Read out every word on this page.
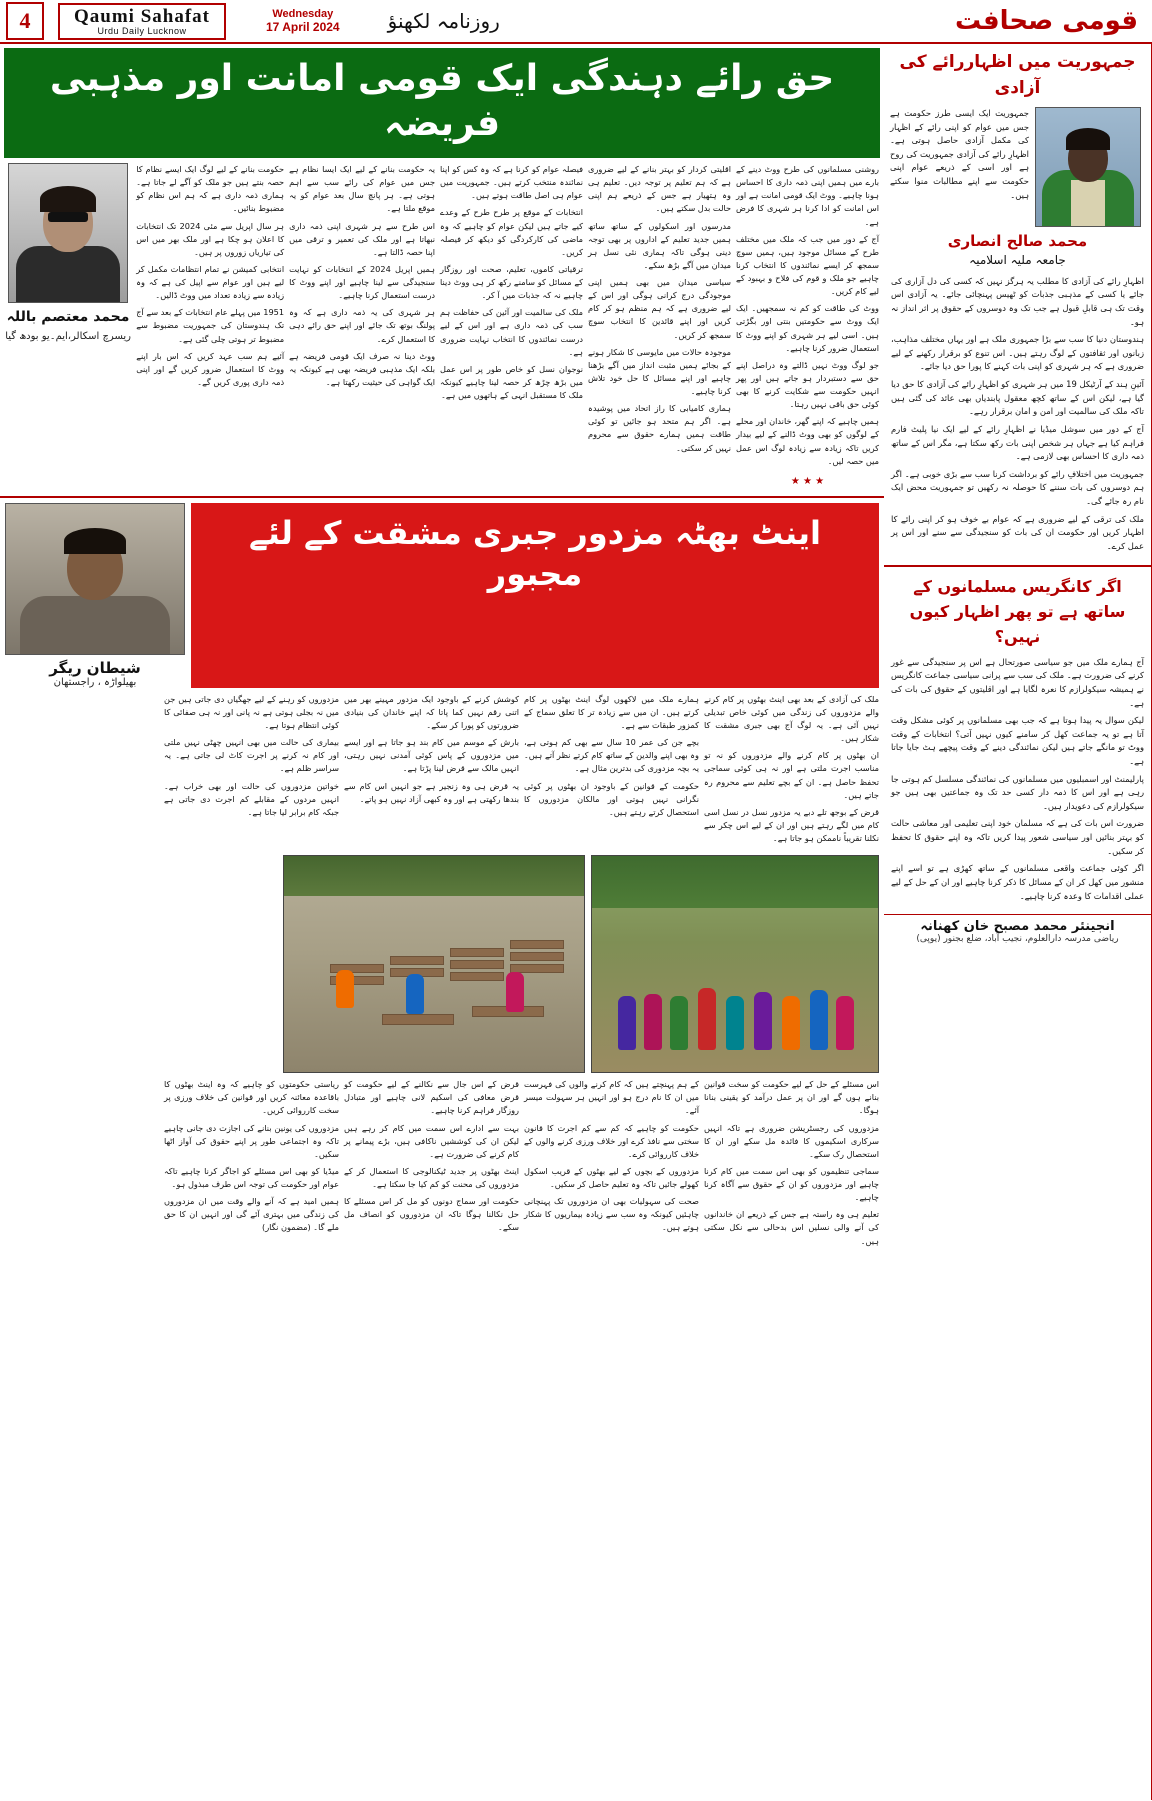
4	Qaumi Sahafat
Urdu Daily Lucknow
Wednesday
17 April 2024 روزنامہ لکھنؤ	قومی صحافت
جمہوریت میں اظہاررائے کی آزادی

جمہوریت ایک ایسی طرز حکومت ہے جس میں عوام کو اپنی رائے کے اظہار کی مکمل آزادی حاصل ہوتی ہے۔ اظہارِ رائے کی آزادی جمہوریت کی روح ہے اور اسی کے ذریعے عوام اپنی حکومت سے اپنے مطالبات منوا سکتے ہیں۔

محمد صالح انصاری
جامعہ ملیہ اسلامیہ

اظہارِ رائے کی آزادی کا مطلب یہ ہرگز نہیں کہ کسی کی دل آزاری کی جائے یا کسی کے مذہبی جذبات کو ٹھیس پہنچائی جائے۔ یہ آزادی اس وقت تک ہی قابلِ قبول ہے جب تک وہ دوسروں کے حقوق پر اثر انداز نہ ہو۔

ہندوستان دنیا کا سب سے بڑا جمہوری ملک ہے اور یہاں مختلف مذاہب، زبانوں اور ثقافتوں کے لوگ رہتے ہیں۔ اس تنوع کو برقرار رکھنے کے لیے ضروری ہے کہ ہر شہری کو اپنی بات کہنے کا پورا حق دیا جائے۔

آئینِ ہند کے آرٹیکل 19 میں ہر شہری کو اظہارِ رائے کی آزادی کا حق دیا گیا ہے، لیکن اس کے ساتھ کچھ معقول پابندیاں بھی عائد کی گئی ہیں تاکہ ملک کی سالمیت اور امن و امان برقرار رہے۔

آج کے دور میں سوشل میڈیا نے اظہارِ رائے کے لیے ایک نیا پلیٹ فارم فراہم کیا ہے جہاں ہر شخص اپنی بات رکھ سکتا ہے، مگر اس کے ساتھ ذمہ داری کا احساس بھی لازمی ہے۔

جمہوریت میں اختلافِ رائے کو برداشت کرنا سب سے بڑی خوبی ہے۔ اگر ہم دوسروں کی بات سننے کا حوصلہ نہ رکھیں تو جمہوریت محض ایک نام رہ جائے گی۔

ملک کی ترقی کے لیے ضروری ہے کہ عوام بے خوف ہو کر اپنی رائے کا اظہار کریں اور حکومت ان کی بات کو سنجیدگی سے سنے اور اس پر عمل کرے۔

اگر کانگریس مسلمانوں کے ساتھ ہے تو پھر اظہار کیوں نہیں؟

آج ہمارے ملک میں جو سیاسی صورتحال ہے اس پر سنجیدگی سے غور کرنے کی ضرورت ہے۔ ملک کی سب سے پرانی سیاسی جماعت کانگریس نے ہمیشہ سیکولرازم کا نعرہ لگایا ہے اور اقلیتوں کے حقوق کی بات کی ہے۔

لیکن سوال یہ پیدا ہوتا ہے کہ جب بھی مسلمانوں پر کوئی مشکل وقت آتا ہے تو یہ جماعت کھل کر سامنے کیوں نہیں آتی؟ انتخابات کے وقت ووٹ تو مانگے جاتے ہیں لیکن نمائندگی دینے کے وقت پیچھے ہٹ جایا جاتا ہے۔

پارلیمنٹ اور اسمبلیوں میں مسلمانوں کی نمائندگی مسلسل کم ہوتی جا رہی ہے اور اس کا ذمہ دار کسی حد تک وہ جماعتیں بھی ہیں جو سیکولرازم کی دعویدار ہیں۔

ضرورت اس بات کی ہے کہ مسلمان خود اپنی تعلیمی اور معاشی حالت کو بہتر بنائیں اور سیاسی شعور پیدا کریں تاکہ وہ اپنے حقوق کا تحفظ کر سکیں۔

اگر کوئی جماعت واقعی مسلمانوں کے ساتھ کھڑی ہے تو اسے اپنے منشور میں کھل کر ان کے مسائل کا ذکر کرنا چاہیے اور ان کے حل کے لیے عملی اقدامات کا وعدہ کرنا چاہیے۔

انجینئر محمد مصبح خان کھنانہ
ریاضی مدرسہ دارالعلوم، نجیب آباد، ضلع بجنور (یوپی)
حق رائے دہندگی ایک قومی امانت اور مذہبی فریضہ

روشنی مسلمانوں کی طرح ووٹ دینے کے بارے میں ہمیں اپنی ذمہ داری کا احساس ہونا چاہیے۔ ووٹ ایک قومی امانت ہے اور اس امانت کو ادا کرنا ہر شہری کا فرض ہے۔

آج کے دور میں جب کہ ملک میں مختلف طرح کے مسائل موجود ہیں، ہمیں سوچ سمجھ کر ایسے نمائندوں کا انتخاب کرنا چاہیے جو ملک و قوم کی فلاح و بہبود کے لیے کام کریں۔

ووٹ کی طاقت کو کم نہ سمجھیں۔ ایک ایک ووٹ سے حکومتیں بنتی اور بگڑتی ہیں۔ اسی لیے ہر شہری کو اپنے ووٹ کا استعمال ضرور کرنا چاہیے۔

جو لوگ ووٹ نہیں ڈالتے وہ دراصل اپنے حق سے دستبردار ہو جاتے ہیں اور پھر انہیں حکومت سے شکایت کرنے کا بھی کوئی حق باقی نہیں رہتا۔

ہمیں چاہیے کہ اپنے گھر، خاندان اور محلے کے لوگوں کو بھی ووٹ ڈالنے کے لیے بیدار کریں تاکہ زیادہ سے زیادہ لوگ اس عمل میں حصہ لیں۔

★ ★ ★

اقلیتی کردار کو بہتر بنانے کے لیے ضروری ہے کہ ہم تعلیم پر توجہ دیں۔ تعلیم ہی وہ ہتھیار ہے جس کے ذریعے ہم اپنی حالت بدل سکتے ہیں۔

مدرسوں اور اسکولوں کے ساتھ ساتھ ہمیں جدید تعلیم کے اداروں پر بھی توجہ دینی ہوگی تاکہ ہماری نئی نسل ہر میدان میں آگے بڑھ سکے۔

سیاسی میدان میں بھی ہمیں اپنی موجودگی درج کرانی ہوگی اور اس کے لیے ضروری ہے کہ ہم منظم ہو کر کام کریں اور اپنے قائدین کا انتخاب سوچ سمجھ کر کریں۔

موجودہ حالات میں مایوسی کا شکار ہونے کے بجائے ہمیں مثبت انداز میں آگے بڑھنا چاہیے اور اپنے مسائل کا حل خود تلاش کرنا چاہیے۔

ہماری کامیابی کا راز اتحاد میں پوشیدہ ہے۔ اگر ہم متحد ہو جائیں تو کوئی طاقت ہمیں ہمارے حقوق سے محروم نہیں کر سکتی۔

فیصلہ عوام کو کرنا ہے کہ وہ کس کو اپنا نمائندہ منتخب کرتے ہیں۔ جمہوریت میں عوام ہی اصل طاقت ہوتے ہیں۔

انتخابات کے موقع پر طرح طرح کے وعدے کیے جاتے ہیں لیکن عوام کو چاہیے کہ وہ ماضی کی کارکردگی کو دیکھ کر فیصلہ کریں۔

ترقیاتی کاموں، تعلیم، صحت اور روزگار کے مسائل کو سامنے رکھ کر ہی ووٹ دینا چاہیے نہ کہ جذبات میں آ کر۔

ملک کی سالمیت اور آئین کی حفاظت ہم سب کی ذمہ داری ہے اور اس کے لیے درست نمائندوں کا انتخاب نہایت ضروری ہے۔

نوجوان نسل کو خاص طور پر اس عمل میں بڑھ چڑھ کر حصہ لینا چاہیے کیونکہ ملک کا مستقبل انہی کے ہاتھوں میں ہے۔

یہ حکومت بنانے کے لیے ایک ایسا نظام ہے جس میں عوام کی رائے سب سے اہم ہوتی ہے۔ ہر پانچ سال بعد عوام کو یہ موقع ملتا ہے۔

اس طرح سے ہر شہری اپنی ذمہ داری نبھاتا ہے اور ملک کی تعمیر و ترقی میں اپنا حصہ ڈالتا ہے۔

ہمیں اپریل 2024 کے انتخابات کو نہایت سنجیدگی سے لینا چاہیے اور اپنے ووٹ کا درست استعمال کرنا چاہیے۔

ہر شہری کی یہ ذمہ داری ہے کہ وہ پولنگ بوتھ تک جائے اور اپنے حق رائے دہی کا استعمال کرے۔

ووٹ دینا نہ صرف ایک قومی فریضہ ہے بلکہ ایک مذہبی فریضہ بھی ہے کیونکہ یہ ایک گواہی کی حیثیت رکھتا ہے۔

حکومت بنانے کے لیے لوگ ایک ایسے نظام کا حصہ بنتے ہیں جو ملک کو آگے لے جاتا ہے۔ ہماری ذمہ داری ہے کہ ہم اس نظام کو مضبوط بنائیں۔

ہر سال اپریل سے مئی 2024 تک انتخابات کا اعلان ہو چکا ہے اور ملک بھر میں اس کی تیاریاں زوروں پر ہیں۔

انتخابی کمیشن نے تمام انتظامات مکمل کر لیے ہیں اور عوام سے اپیل کی ہے کہ وہ زیادہ سے زیادہ تعداد میں ووٹ ڈالیں۔

1951 میں پہلے عام انتخابات کے بعد سے آج تک ہندوستان کی جمہوریت مضبوط سے مضبوط تر ہوتی چلی گئی ہے۔

آئیے ہم سب عہد کریں کہ اس بار اپنے ووٹ کا استعمال ضرور کریں گے اور اپنی ذمہ داری پوری کریں گے۔

محمد معتصم باللہ
ریسرچ اسکالر،ایم۔یو بودھ گیا
اینٹ بھٹہ مزدور جبری مشقت کے لئے مجبور
شیطان ریگر
بھیلواڑہ ، راجستھان

ملک کی آزادی کے بعد بھی اینٹ بھٹوں پر کام کرنے والے مزدوروں کی زندگی میں کوئی خاص تبدیلی نہیں آئی ہے۔ یہ لوگ آج بھی جبری مشقت کا شکار ہیں۔

ان بھٹوں پر کام کرنے والے مزدوروں کو نہ تو مناسب اجرت ملتی ہے اور نہ ہی کوئی سماجی تحفظ حاصل ہے۔ ان کے بچے تعلیم سے محروم رہ جاتے ہیں۔

قرض کے بوجھ تلے دبے یہ مزدور نسل در نسل اسی کام میں لگے رہتے ہیں اور ان کے لیے اس چکر سے نکلنا تقریباً ناممکن ہو جاتا ہے۔

ہمارے ملک میں لاکھوں لوگ اینٹ بھٹوں پر کام کرتے ہیں۔ ان میں سے زیادہ تر کا تعلق سماج کے کمزور طبقات سے ہے۔

بچے جن کی عمر 10 سال سے بھی کم ہوتی ہے، وہ بھی اپنے والدین کے ساتھ کام کرتے نظر آتے ہیں۔ یہ بچہ مزدوری کی بدترین مثال ہے۔

حکومت کے قوانین کے باوجود ان بھٹوں پر کوئی نگرانی نہیں ہوتی اور مالکان مزدوروں کا استحصال کرتے رہتے ہیں۔

کوشش کرنے کے باوجود ایک مزدور مہینے بھر میں اتنی رقم نہیں کما پاتا کہ اپنے خاندان کی بنیادی ضرورتوں کو پورا کر سکے۔

بارش کے موسم میں کام بند ہو جاتا ہے اور ایسے میں مزدوروں کے پاس کوئی آمدنی نہیں رہتی، انہیں مالک سے قرض لینا پڑتا ہے۔

یہ قرض ہی وہ زنجیر ہے جو انہیں اس کام سے بندھا رکھتی ہے اور وہ کبھی آزاد نہیں ہو پاتے۔

مزدوروں کو رہنے کے لیے جھگیاں دی جاتی ہیں جن میں نہ بجلی ہوتی ہے نہ پانی اور نہ ہی صفائی کا کوئی انتظام ہوتا ہے۔

بیماری کی حالت میں بھی انہیں چھٹی نہیں ملتی اور کام نہ کرنے پر اجرت کاٹ لی جاتی ہے۔ یہ سراسر ظلم ہے۔

خواتین مزدوروں کی حالت اور بھی خراب ہے۔ انہیں مردوں کے مقابلے کم اجرت دی جاتی ہے جبکہ کام برابر لیا جاتا ہے۔

اس مسئلے کے حل کے لیے حکومت کو سخت قوانین بنانے ہوں گے اور ان پر عمل درآمد کو یقینی بنانا ہوگا۔

مزدوروں کی رجسٹریشن ضروری ہے تاکہ انہیں سرکاری اسکیموں کا فائدہ مل سکے اور ان کا استحصال رک سکے۔

سماجی تنظیموں کو بھی اس سمت میں کام کرنا چاہیے اور مزدوروں کو ان کے حقوق سے آگاہ کرنا چاہیے۔

تعلیم ہی وہ راستہ ہے جس کے ذریعے ان خاندانوں کی آنے والی نسلیں اس بدحالی سے نکل سکتی ہیں۔

کے ہم پہنچتے ہیں کہ کام کرنے والوں کی فہرست میں ان کا نام درج ہو اور انہیں ہر سہولت میسر آئے۔

حکومت کو چاہیے کہ کم سے کم اجرت کا قانون سختی سے نافذ کرے اور خلاف ورزی کرنے والوں کے خلاف کارروائی کرے۔

مزدوروں کے بچوں کے لیے بھٹوں کے قریب اسکول کھولے جائیں تاکہ وہ تعلیم حاصل کر سکیں۔

صحت کی سہولیات بھی ان مزدوروں تک پہنچانی چاہئیں کیونکہ وہ سب سے زیادہ بیماریوں کا شکار ہوتے ہیں۔

قرض کے اس جال سے نکالنے کے لیے حکومت کو قرض معافی کی اسکیم لانی چاہیے اور متبادل روزگار فراہم کرنا چاہیے۔

بہت سے ادارے اس سمت میں کام کر رہے ہیں لیکن ان کی کوششیں ناکافی ہیں، بڑے پیمانے پر کام کرنے کی ضرورت ہے۔

اینٹ بھٹوں پر جدید ٹیکنالوجی کا استعمال کر کے مزدوروں کی محنت کو کم کیا جا سکتا ہے۔

حکومت اور سماج دونوں کو مل کر اس مسئلے کا حل نکالنا ہوگا تاکہ ان مزدوروں کو انصاف مل سکے۔

ریاستی حکومتوں کو چاہیے کہ وہ اینٹ بھٹوں کا باقاعدہ معائنہ کریں اور قوانین کی خلاف ورزی پر سخت کارروائی کریں۔

مزدوروں کی یونین بنانے کی اجازت دی جانی چاہیے تاکہ وہ اجتماعی طور پر اپنے حقوق کی آواز اٹھا سکیں۔

میڈیا کو بھی اس مسئلے کو اجاگر کرنا چاہیے تاکہ عوام اور حکومت کی توجہ اس طرف مبذول ہو۔

ہمیں امید ہے کہ آنے والے وقت میں ان مزدوروں کی زندگی میں بہتری آئے گی اور انہیں ان کا حق ملے گا۔ (مضمون نگار)
